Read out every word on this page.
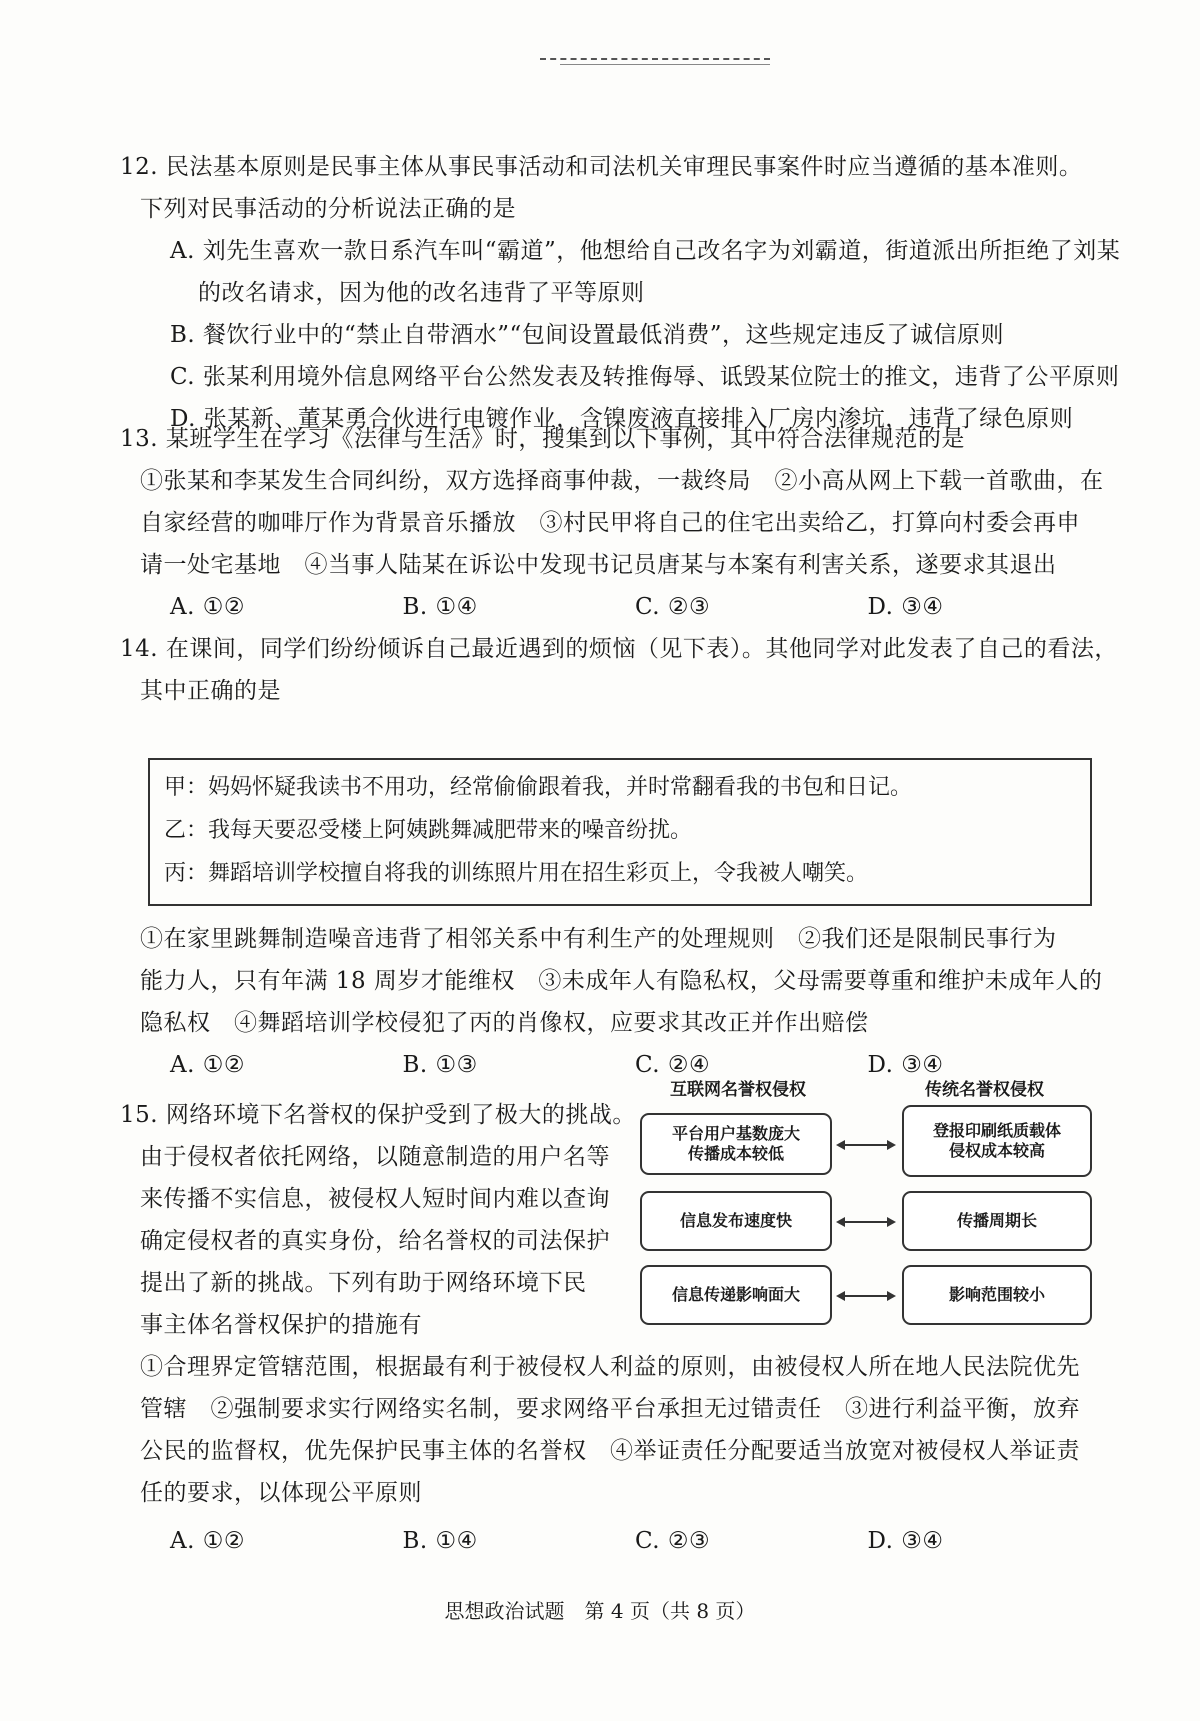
12. 民法基本原则是民事主体从事民事活动和司法机关审理民事案件时应当遵循的基本准则。
下列对民事活动的分析说法正确的是
A. 刘先生喜欢一款日系汽车叫“霸道”，他想给自己改名字为刘霸道，街道派出所拒绝了刘某
的改名请求，因为他的改名违背了平等原则
B. 餐饮行业中的“禁止自带酒水”“包间设置最低消费”，这些规定违反了诚信原则
C. 张某利用境外信息网络平台公然发表及转推侮辱、诋毁某位院士的推文，违背了公平原则
D. 张某新、董某勇合伙进行电镀作业，含镍废液直接排入厂房内渗坑，违背了绿色原则
13. 某班学生在学习《法律与生活》时，搜集到以下事例，其中符合法律规范的是
①张某和李某发生合同纠纷，双方选择商事仲裁，一裁终局　②小高从网上下载一首歌曲，在
自家经营的咖啡厅作为背景音乐播放　③村民甲将自己的住宅出卖给乙，打算向村委会再申
请一处宅基地　④当事人陆某在诉讼中发现书记员唐某与本案有利害关系，遂要求其退出
A. ①②	B. ①④	C. ②③	D. ③④
14. 在课间，同学们纷纷倾诉自己最近遇到的烦恼（见下表）。其他同学对此发表了自己的看法，
其中正确的是
甲：妈妈怀疑我读书不用功，经常偷偷跟着我，并时常翻看我的书包和日记。
乙：我每天要忍受楼上阿姨跳舞减肥带来的噪音纷扰。
丙：舞蹈培训学校擅自将我的训练照片用在招生彩页上，令我被人嘲笑。
①在家里跳舞制造噪音违背了相邻关系中有利生产的处理规则　②我们还是限制民事行为
能力人，只有年满 18 周岁才能维权　③未成年人有隐私权，父母需要尊重和维护未成年人的
隐私权　④舞蹈培训学校侵犯了丙的肖像权，应要求其改正并作出赔偿
A. ①②	B. ①③	C. ②④	D. ③④
15. 网络环境下名誉权的保护受到了极大的挑战。
由于侵权者依托网络，以随意制造的用户名等
来传播不实信息，被侵权人短时间内难以查询
确定侵权者的真实身份，给名誉权的司法保护
提出了新的挑战。下列有助于网络环境下民
事主体名誉权保护的措施有
互联网名誉权侵权	传统名誉权侵权
平台用户基数庞大
传播成本较低
信息发布速度快
信息传递影响面大
登报印刷纸质载体
侵权成本较高
传播周期长
影响范围较小
①合理界定管辖范围，根据最有利于被侵权人利益的原则，由被侵权人所在地人民法院优先
管辖　②强制要求实行网络实名制，要求网络平台承担无过错责任　③进行利益平衡，放弃
公民的监督权，优先保护民事主体的名誉权　④举证责任分配要适当放宽对被侵权人举证责
任的要求，以体现公平原则
A. ①②	B. ①④	C. ②③	D. ③④
思想政治试题　第 4 页（共 8 页）
